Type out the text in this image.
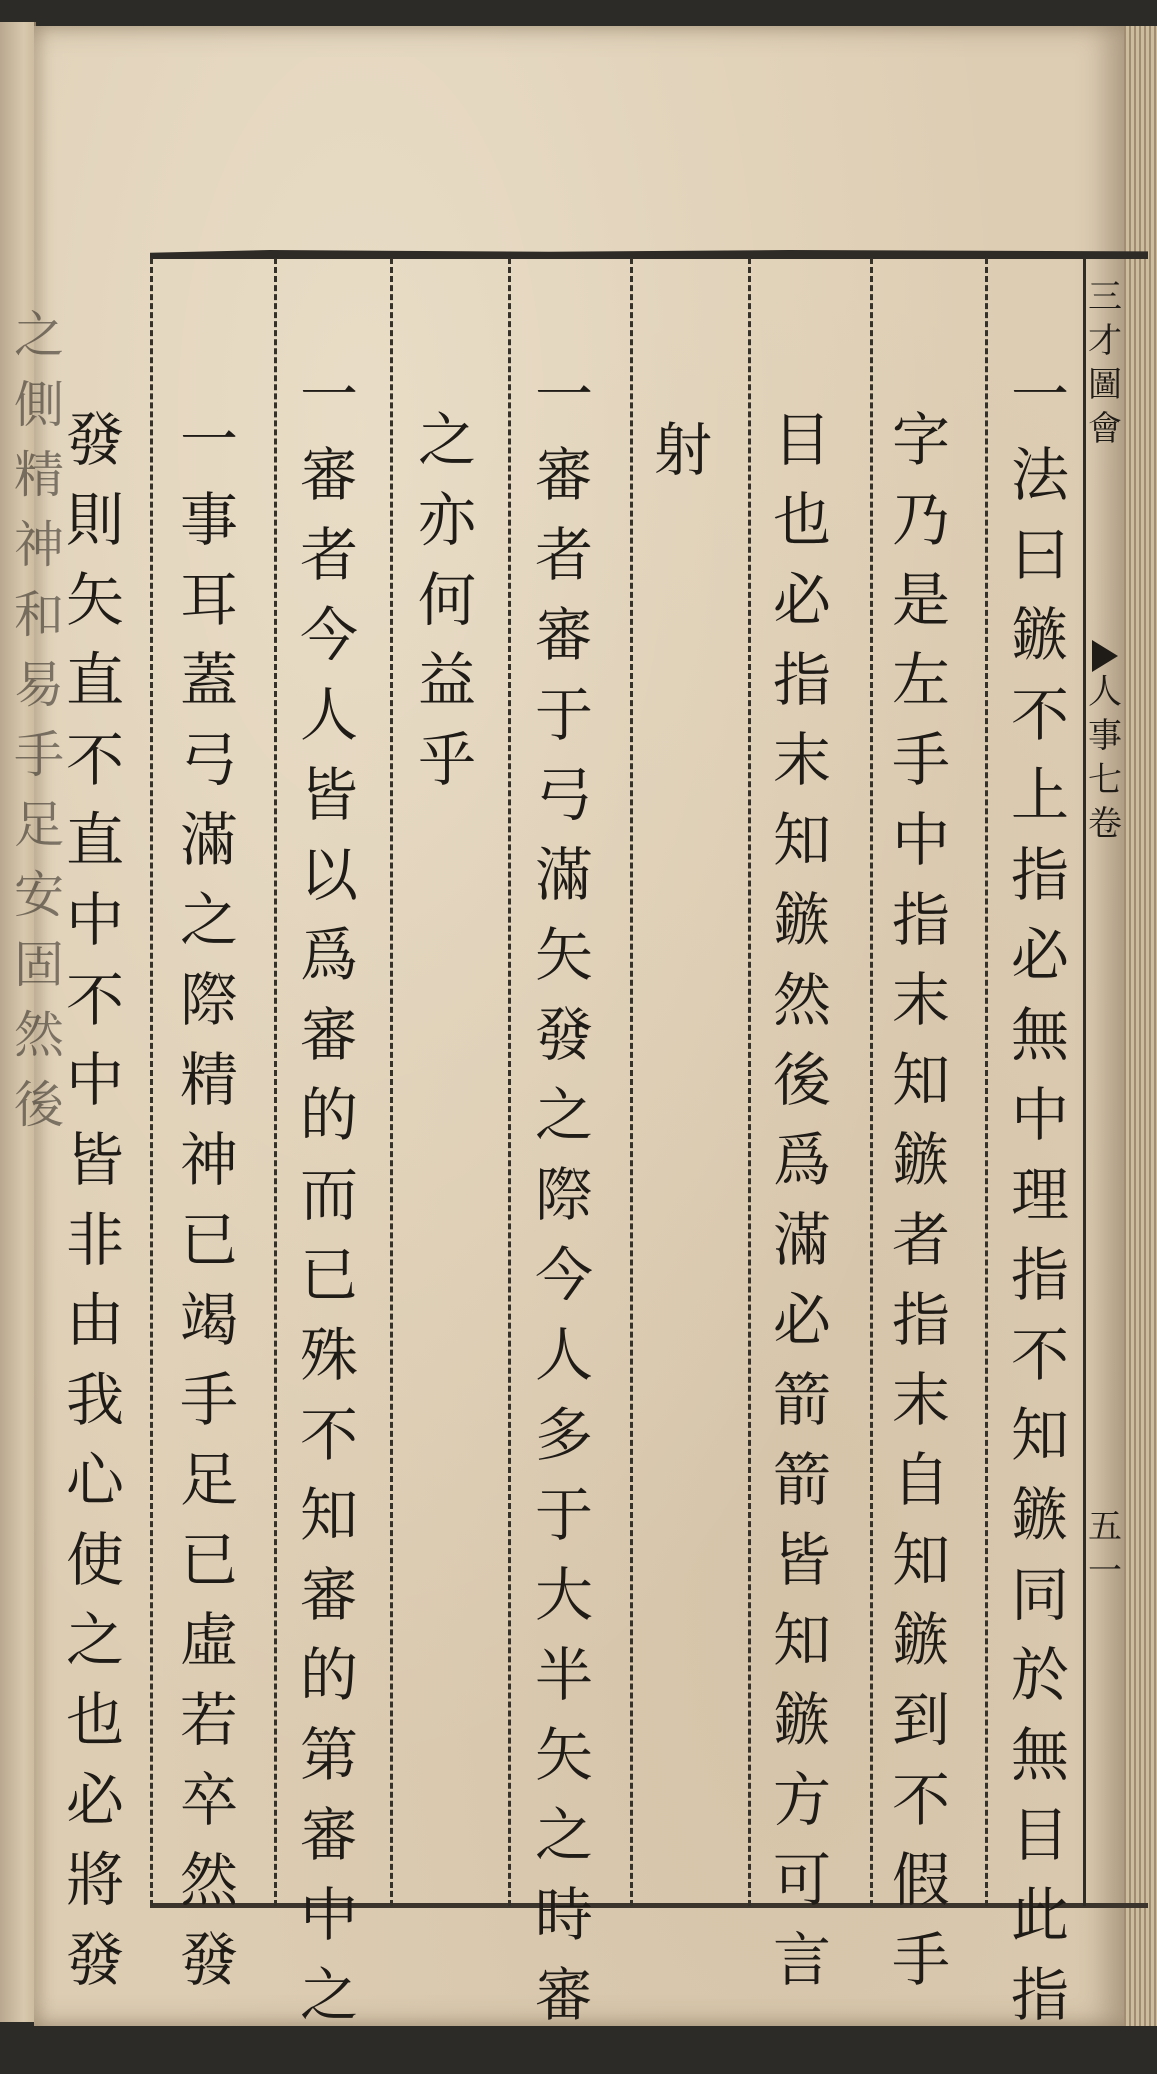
之側精神和易手足安固然後
三才圖會
人事七卷
五一
一法曰鏃不上指必無中理指不知鏃同於無目此指
字乃是左手中指末知鏃者指末自知鏃到不假手
目也必指末知鏃然後爲滿必箭箭皆知鏃方可言
射
一審者審于弓滿矢發之際今人多于大半矢之時審
之亦何益乎
一審者今人皆以爲審的而已殊不知審的第審中之
一事耳蓋弓滿之際精神已竭手足已虛若卒然發
發則矢直不直中不中皆非由我心使之也必將發
